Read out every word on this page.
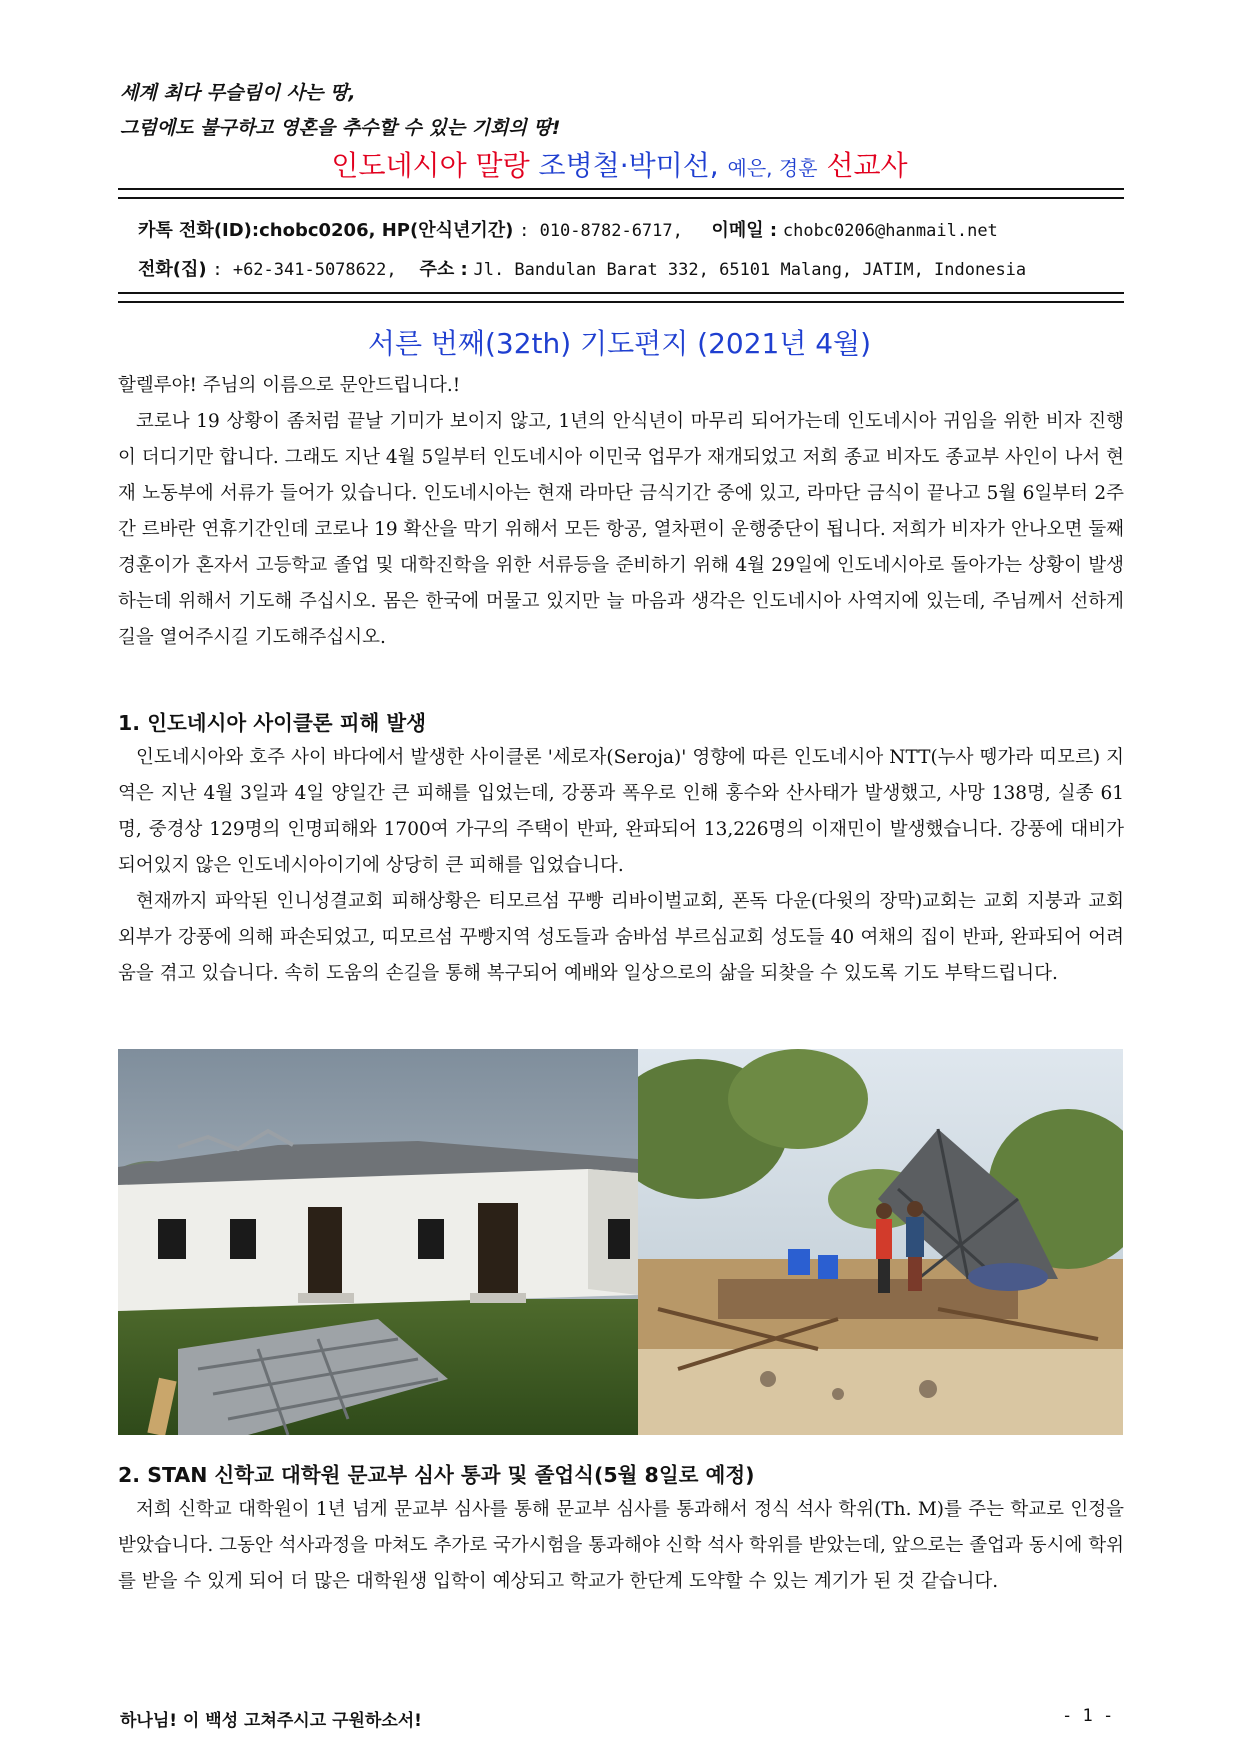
세계 최다 무슬림이 사는 땅,
그럼에도 불구하고 영혼을 추수할 수 있는 기회의 땅!
인도네시아 말랑 조병철·박미선, 예은, 경훈 선교사
카톡 전화(ID):chobc0206, HP(안식년기간) : 010-8782-6717, 이메일 : chobc0206@hanmail.net
전화(집) : +62-341-5078622, 주소 : Jl. Bandulan Barat 332, 65101 Malang, JATIM, Indonesia
서른 번째(32th) 기도편지 (2021년 4월)

할렐루야! 주님의 이름으로 문안드립니다.!

코로나 19 상황이 좀처럼 끝날 기미가 보이지 않고, 1년의 안식년이 마무리 되어가는데 인도네시아 귀임을 위한 비자 진행이 더디기만 합니다. 그래도 지난 4월 5일부터 인도네시아 이민국 업무가 재개되었고 저희 종교 비자도 종교부 사인이 나서 현재 노동부에 서류가 들어가 있습니다. 인도네시아는 현재 라마단 금식기간 중에 있고, 라마단 금식이 끝나고 5월 6일부터 2주간 르바란 연휴기간인데 코로나 19 확산을 막기 위해서 모든 항공, 열차편이 운행중단이 됩니다. 저희가 비자가 안나오면 둘째 경훈이가 혼자서 고등학교 졸업 및 대학진학을 위한 서류등을 준비하기 위해 4월 29일에 인도네시아로 돌아가는 상황이 발생하는데 위해서 기도해 주십시오. 몸은 한국에 머물고 있지만 늘 마음과 생각은 인도네시아 사역지에 있는데, 주님께서 선하게 길을 열어주시길 기도해주십시오.

1. 인도네시아 사이클론 피해 발생

인도네시아와 호주 사이 바다에서 발생한 사이클론 '세로자(Seroja)' 영향에 따른 인도네시아 NTT(누사 뗑가라 띠모르) 지역은 지난 4월 3일과 4일 양일간 큰 피해를 입었는데, 강풍과 폭우로 인해 홍수와 산사태가 발생했고, 사망 138명, 실종 61명, 중경상 129명의 인명피해와 1700여 가구의 주택이 반파, 완파되어 13,226명의 이재민이 발생했습니다. 강풍에 대비가 되어있지 않은 인도네시아이기에 상당히 큰 피해를 입었습니다.

현재까지 파악된 인니성결교회 피해상황은 티모르섬 꾸빵 리바이벌교회, 폰독 다운(다윗의 장막)교회는 교회 지붕과 교회 외부가 강풍에 의해 파손되었고, 띠모르섬 꾸빵지역 성도들과 숨바섬 부르심교회 성도들 40 여채의 집이 반파, 완파되어 어려움을 겪고 있습니다. 속히 도움의 손길을 통해 복구되어 예배와 일상으로의 삶을 되찾을 수 있도록 기도 부탁드립니다.

2. STAN 신학교 대학원 문교부 심사 통과 및 졸업식(5월 8일로 예정)

저희 신학교 대학원이 1년 넘게 문교부 심사를 통해 문교부 심사를 통과해서 정식 석사 학위(Th. M)를 주는 학교로 인정을 받았습니다. 그동안 석사과정을 마쳐도 추가로 국가시험을 통과해야 신학 석사 학위를 받았는데, 앞으로는 졸업과 동시에 학위를 받을 수 있게 되어 더 많은 대학원생 입학이 예상되고 학교가 한단계 도약할 수 있는 계기가 된 것 같습니다.

하나님! 이 백성 고쳐주시고 구원하소서!	- 1 -
